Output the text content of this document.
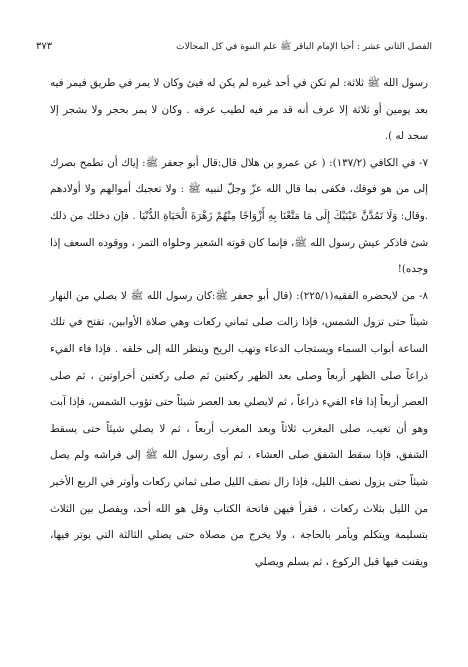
الفصل الثاني عشر : أحيا الإمام الباقر ﷺ علم النبوة في كل المجالات
٣٧٣

رسول الله ﷺ ثلاثة: لم تكن في أحد غيره لم يكن له فيئ وكان لا يمر في طريق فيمر فيه بعد يومين أو ثلاثة إلا عرف أنه قد مر فيه لطيب عرفه . وكان لا يمر بحجر ولا بشجر إلا سجد له ).

٧- في الكافي (١٣٧/٢): ( عن عمرو بن هلال قال:قال أبو جعفر ﷺ: إياك أن تطمح بصرك إلى من هو فوقك، فكفى بما قال الله عزّ وجلّ لنبيه ﷺ : ولا تعجبك أموالهم ولا أولادهم .وقال: وَلَا تَمُدَّنَّ عَيْنَيْكَ إِلَى مَا مَتَّعْنَا بِهِ أَزْوَاجًا مِنْهُمْ زَهْرَةَ الْحَيَاةِ الدُّنْيَا . فإن دخلك من ذلك شئ فاذكر عيش رسول الله ﷺ، فإنما كان قوته الشعير وحلواه التمر ، ووقوده السعف إذا وجده)!

٨- من لايحضره الفقيه(٢٢٥/١): (قال أبو جعفر ﷺ:كان رسول الله ﷺ لا يصلي من النهار شيئاً حتى تزول الشمس، فإذا زالت صلى ثماني ركعات وهي صلاة الأوابين، تفتح في تلك الساعة أبواب السماء ويستجاب الدعاء وتهب الريح وينظر الله إلى خلقه . فإذا فاء الفيء ذراعاً صلى الظهر أربعاً وصلى بعد الظهر ركعتين ثم صلى ركعتين أخراوتين ، ثم صلى العصر أربعاً إذا فاء الفيء ذراعاً ، ثم لايصلي بعد العصر شيئاً حتى تؤوب الشمس، فإذا آبت وهو أن تغيب، صلى المغرب ثلاثاً وبعد المغرب أربعاً ، ثم لا يصلي شيئاً حتى يسقط الشفق، فإذا سقط الشفق صلى العشاء ، ثم أوى رسول الله ﷺ إلى فراشه ولم يصل شيئاً حتى يزول نصف الليل، فإذا زال نصف الليل صلى ثماني ركعات وأوتر في الربع الأخير من الليل بثلاث ركعات ، فقرأ فيهن فاتحة الكتاب وقل هو الله أحد، ويفصل بين الثلاث بتسليمة ويتكلم ويأمر بالحاجة ، ولا يخرج من مصلاه حتى يصلي الثالثة التي يوتر فيها، ويقنت فيها قبل الركوع ، ثم يسلم ويصلي
